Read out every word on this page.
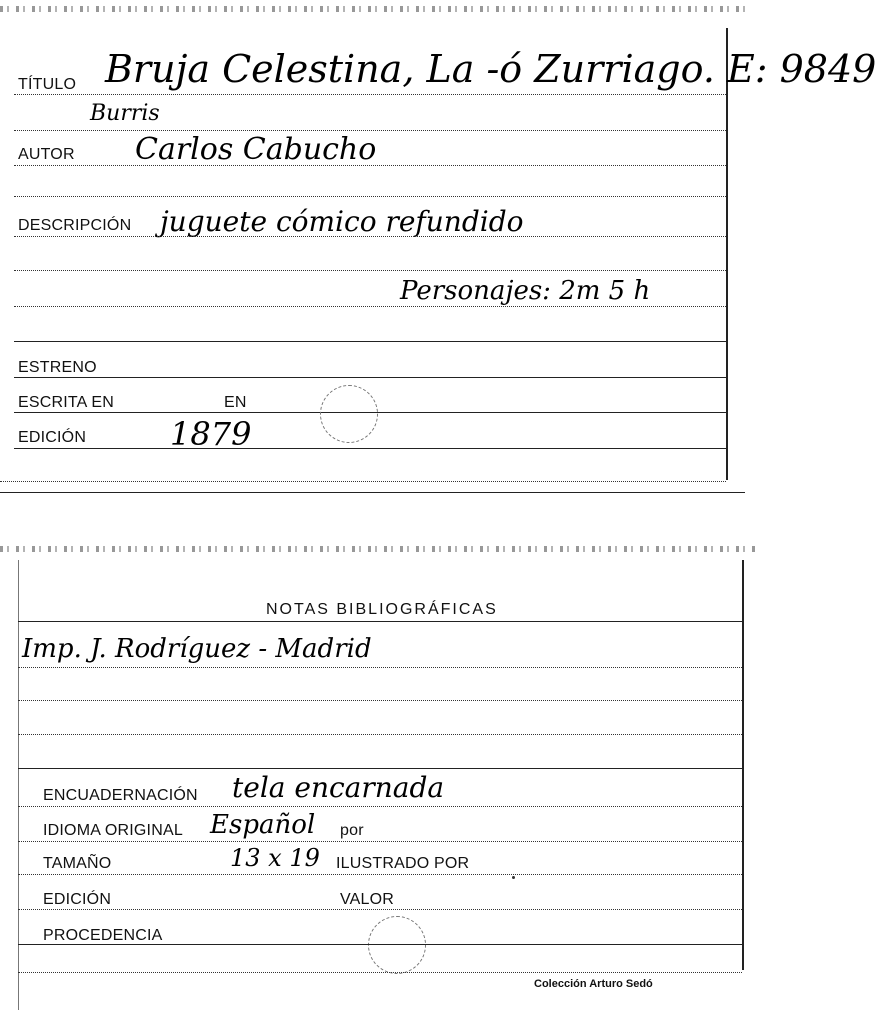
TÍTULO Bruja Celestina, La -ó Zurriago. E: 9849
Burris
AUTOR Carlos Cabucho
DESCRIPCIÓN juguete cómico refundido
Personajes: 2m 5 h
ESTRENO
ESCRITA EN	EN
EDICIÓN	1879
NOTAS BIBLIOGRÁFICAS
Imp. J. Rodríguez - Madrid
ENCUADERNACIÓN tela encarnada
IDIOMA ORIGINAL Español por
TAMAÑO	13 x 19 ILUSTRADO POR
EDICIÓN	VALOR
PROCEDENCIA
Colección Arturo Sedó
